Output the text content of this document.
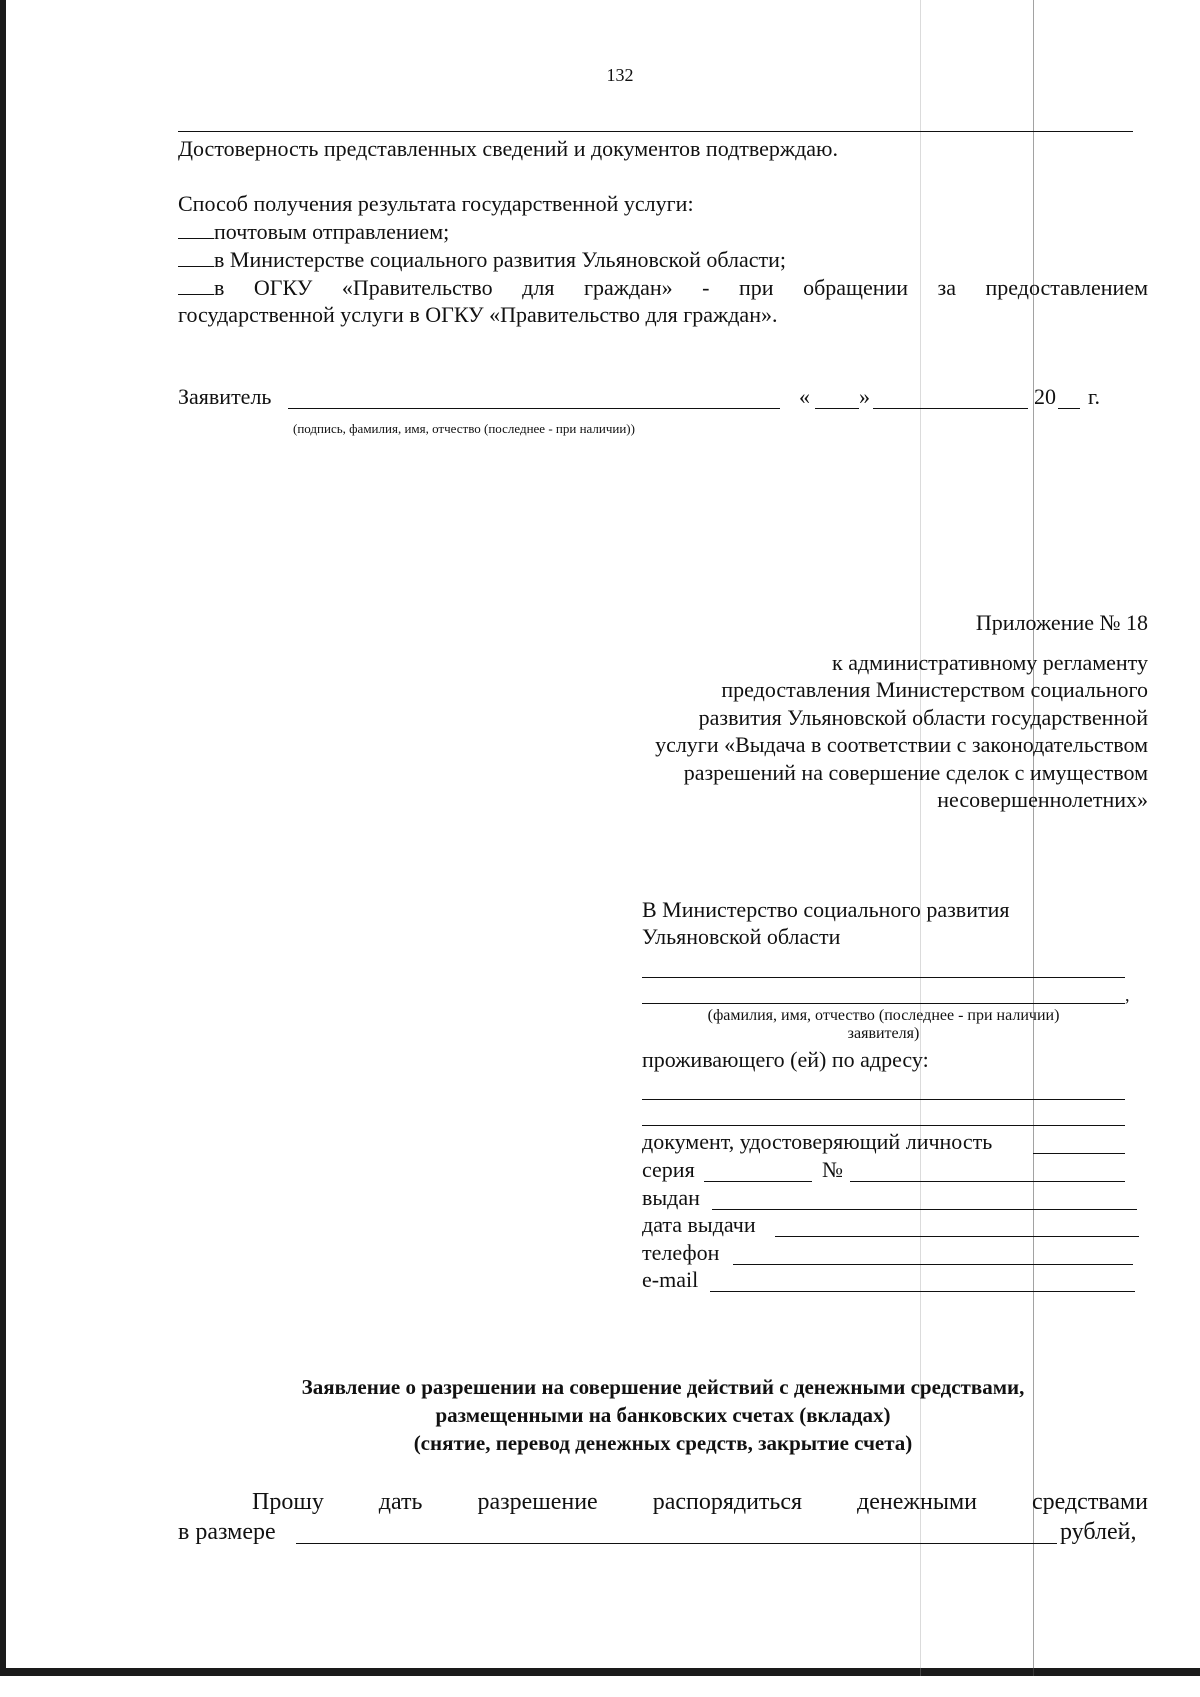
132
Достоверность представленных сведений и документов подтверждаю.
Способ получения результата государственной услуги:
почтовым отправлением;
в Министерстве социального развития Ульяновской области;
в ОГКУ «Правительство для граждан» - при обращении за предоставлением
государственной услуги в ОГКУ «Правительство для граждан».
Заявитель	« »	20 г.
(подпись, фамилия, имя, отчество (последнее - при наличии))
Приложение № 18
к административному регламенту
предоставления Министерством социального
развития Ульяновской области государственной
услуги «Выдача в соответствии с законодательством
разрешений на совершение сделок с имуществом
несовершеннолетних»
В Министерство социального развития
Ульяновской области
,
(фамилия, имя, отчество (последнее - при наличии)
заявителя)
проживающего (ей) по адресу:
документ, удостоверяющий личность
серия	№
выдан
дата выдачи
телефон
e-mail
Заявление о разрешении на совершение действий с денежными средствами,
размещенными на банковских счетах (вкладах)
(снятие, перевод денежных средств, закрытие счета)
Прошу дать разрешение распорядиться денежными средствами
в размере	рублей,
